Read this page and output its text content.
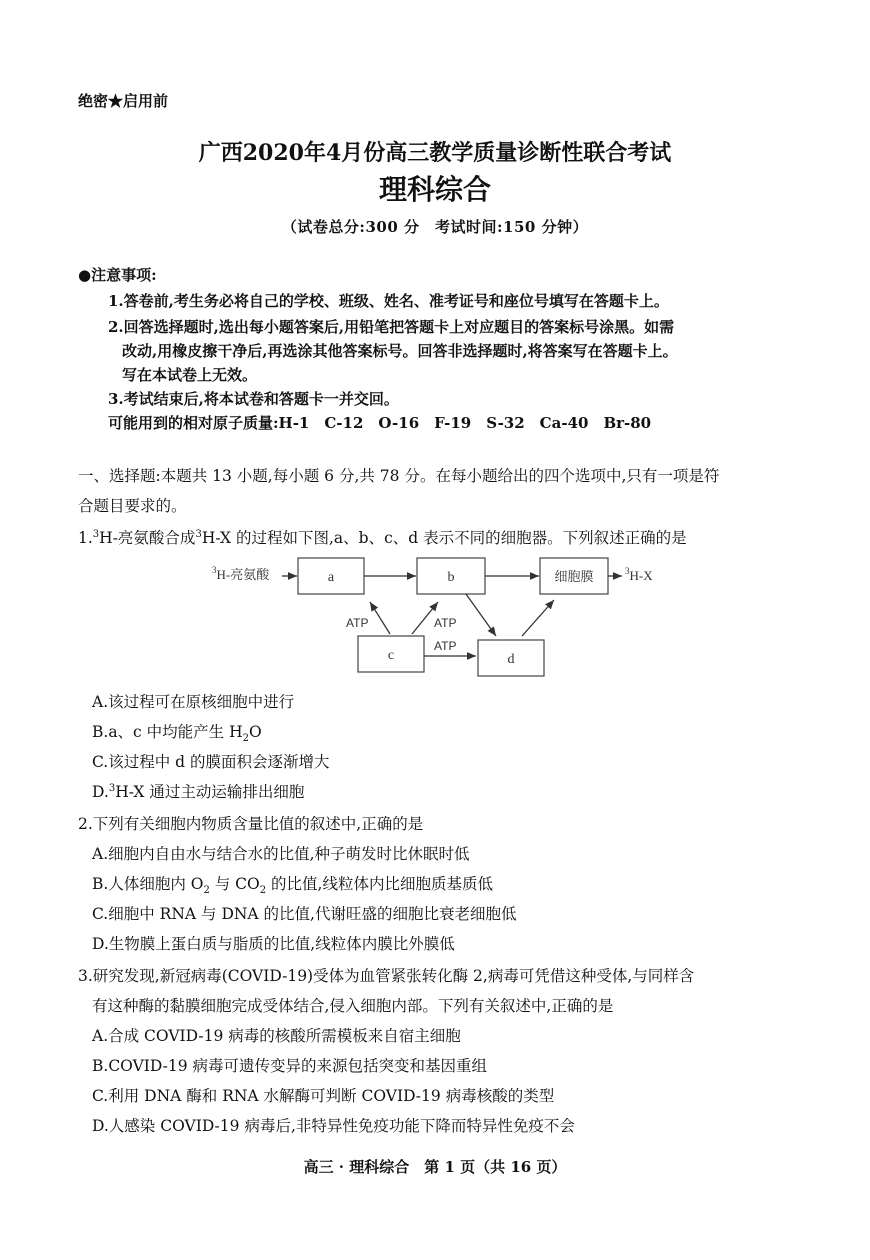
绝密★启用前
广西2020年4月份高三教学质量诊断性联合考试
理科综合
（试卷总分:300 分　考试时间:150 分钟）
●注意事项:
1.答卷前,考生务必将自己的学校、班级、姓名、准考证号和座位号填写在答题卡上。
2.回答选择题时,选出每小题答案后,用铅笔把答题卡上对应题目的答案标号涂黑。如需
改动,用橡皮擦干净后,再选涂其他答案标号。回答非选择题时,将答案写在答题卡上。
写在本试卷上无效。
3.考试结束后,将本试卷和答题卡一并交回。
可能用到的相对原子质量:H-1　C-12　O-16　F-19　S-32　Ca-40　Br-80
一、选择题:本题共 13 小题,每小题 6 分,共 78 分。在每小题给出的四个选项中,只有一项是符
合题目要求的。
1.$^3$H-亮氨酸合成$^3$H-X 的过程如下图,a、b、c、d 表示不同的细胞器。下列叙述正确的是
$^3$H-亮氨酸	a	b	细胞膜	$^3$H-X
c	d
ATP	ATP
ATP
A.该过程可在原核细胞中进行
B.a、c 中均能产生 $H_2O$
C.该过程中 d 的膜面积会逐渐增大
D.$^3$H-X 通过主动运输排出细胞
2.下列有关细胞内物质含量比值的叙述中,正确的是
A.细胞内自由水与结合水的比值,种子萌发时比休眠时低
B.人体细胞内 $O_2$ 与 $CO_2$ 的比值,线粒体内比细胞质基质低
C.细胞中 RNA 与 DNA 的比值,代谢旺盛的细胞比衰老细胞低
D.生物膜上蛋白质与脂质的比值,线粒体内膜比外膜低
3.研究发现,新冠病毒(COVID-19)受体为血管紧张转化酶 2,病毒可凭借这种受体,与同样含
有这种酶的黏膜细胞完成受体结合,侵入细胞内部。下列有关叙述中,正确的是
A.合成 COVID-19 病毒的核酸所需模板来自宿主细胞
B.COVID-19 病毒可遗传变异的来源包括突变和基因重组
C.利用 DNA 酶和 RNA 水解酶可判断 COVID-19 病毒核酸的类型
D.人感染 COVID-19 病毒后,非特异性免疫功能下降而特异性免疫不会
高三 · 理科综合　第 1 页（共 16 页）
